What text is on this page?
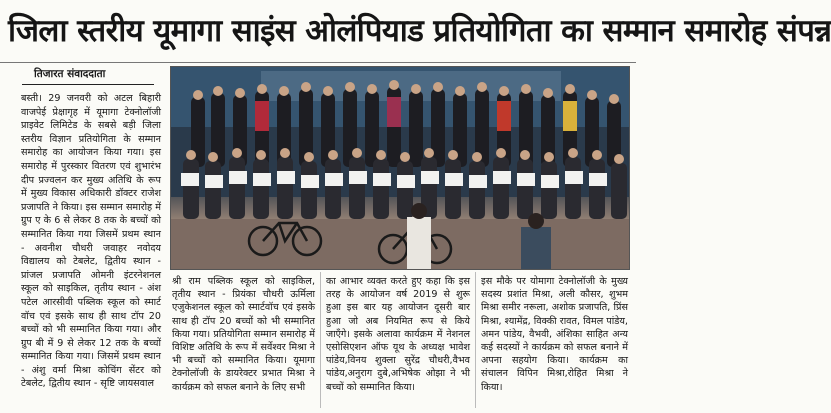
जिला स्तरीय यूमागा साइंस ओलंपियाड प्रतियोगिता का सम्मान समारोह संपन्न
तिजारत संवाददाता

बस्ती। 29 जनवरी को अटल बिहारी वाजपेई प्रेक्षागृह में यूमागा टेक्नोलॉजी प्राइवेट लिमिटेड के सबसे बड़ी जिला स्तरीय विज्ञान प्रतियोगिता के सम्मान समारोह का आयोजन किया गया। इस समारोह में पुरस्कार वितरण एवं शुभारंभ दीप प्रज्वलन कर मुख्य अतिथि के रूप में मुख्य विकास अधिकारी डॉक्टर राजेश प्रजापति ने किया। इस सम्मान समारोह में ग्रुप ए के 6 से लेकर 8 तक के बच्चों को सम्मानित किया गया जिसमें प्रथम स्थान - अवनीश चौधरी जवाहर नवोदय विद्यालय को टेबलेट, द्वितीय स्थान - प्रांजल प्रजापति ओमनी इंटरनेशनल स्कूल को साइकिल, तृतीय स्थान - अंश पटेल आरसीवी पब्लिक स्कूल को स्मार्ट वॉच एवं इसके साथ ही साथ टॉप 20 बच्चों को भी सम्मानित किया गया। और ग्रुप बी में 9 से लेकर 12 तक के बच्चों सम्मानित किया गया। जिसमें प्रथम स्थान - अंशु वर्मा मिश्रा कोचिंग सेंटर को टेबलेट, द्वितीय स्थान - सृष्टि जायसवाल

श्री राम पब्लिक स्कूल को साइकिल, तृतीय स्थान - प्रियंका चौधरी ऊर्मिला एजुकेशनल स्कूल को स्मार्टवॉच एवं इसके साथ ही टॉप 20 बच्चों को भी सम्मानित किया गया। प्रतियोगिता सम्मान समारोह में विशिष्ट अतिथि के रूप में सर्वेश्वर मिश्रा ने भी बच्चों को सम्मानित किया। यूमागा टेक्नोलॉजी के डायरेक्टर प्रभात मिश्रा ने कार्यक्रम को सफल बनाने के लिए सभी

का आभार व्यक्त करते हुए कहा कि इस तरह के आयोजन वर्ष 2019 से शुरू हुआ इस बार यह आयोजन दूसरी बार हुआ जो अब नियमित रूप से किये जाएँगे। इसके अलावा कार्यक्रम में नेशनल एसोसिएशन ऑफ यूथ के अध्यक्ष भावेश पांडेय,विनय शुक्ला सुरेंद्र चौधरी,वैभव पांडेय,अनुराग दुबे,अभिषेक ओझा ने भी बच्चों को सम्मानित किया।

इस मौके पर योमागा टेक्नोलॉजी के मुख्य सदस्य प्रशांत मिश्रा, अली कौसर, शुभम मिश्रा समीर नरूला, अशोक प्रजापति, प्रिंस मिश्रा, श्यामेंद्र, विक्की रावत, विमल पांडेय, अमन पांडेय, वैभवी, अंशिका साहित अन्य कई सदस्यों ने कार्यक्रम को सफल बनाने में अपना सहयोग किया। कार्यक्रम का संचालन विपिन मिश्रा,रोहित मिश्रा ने किया।
